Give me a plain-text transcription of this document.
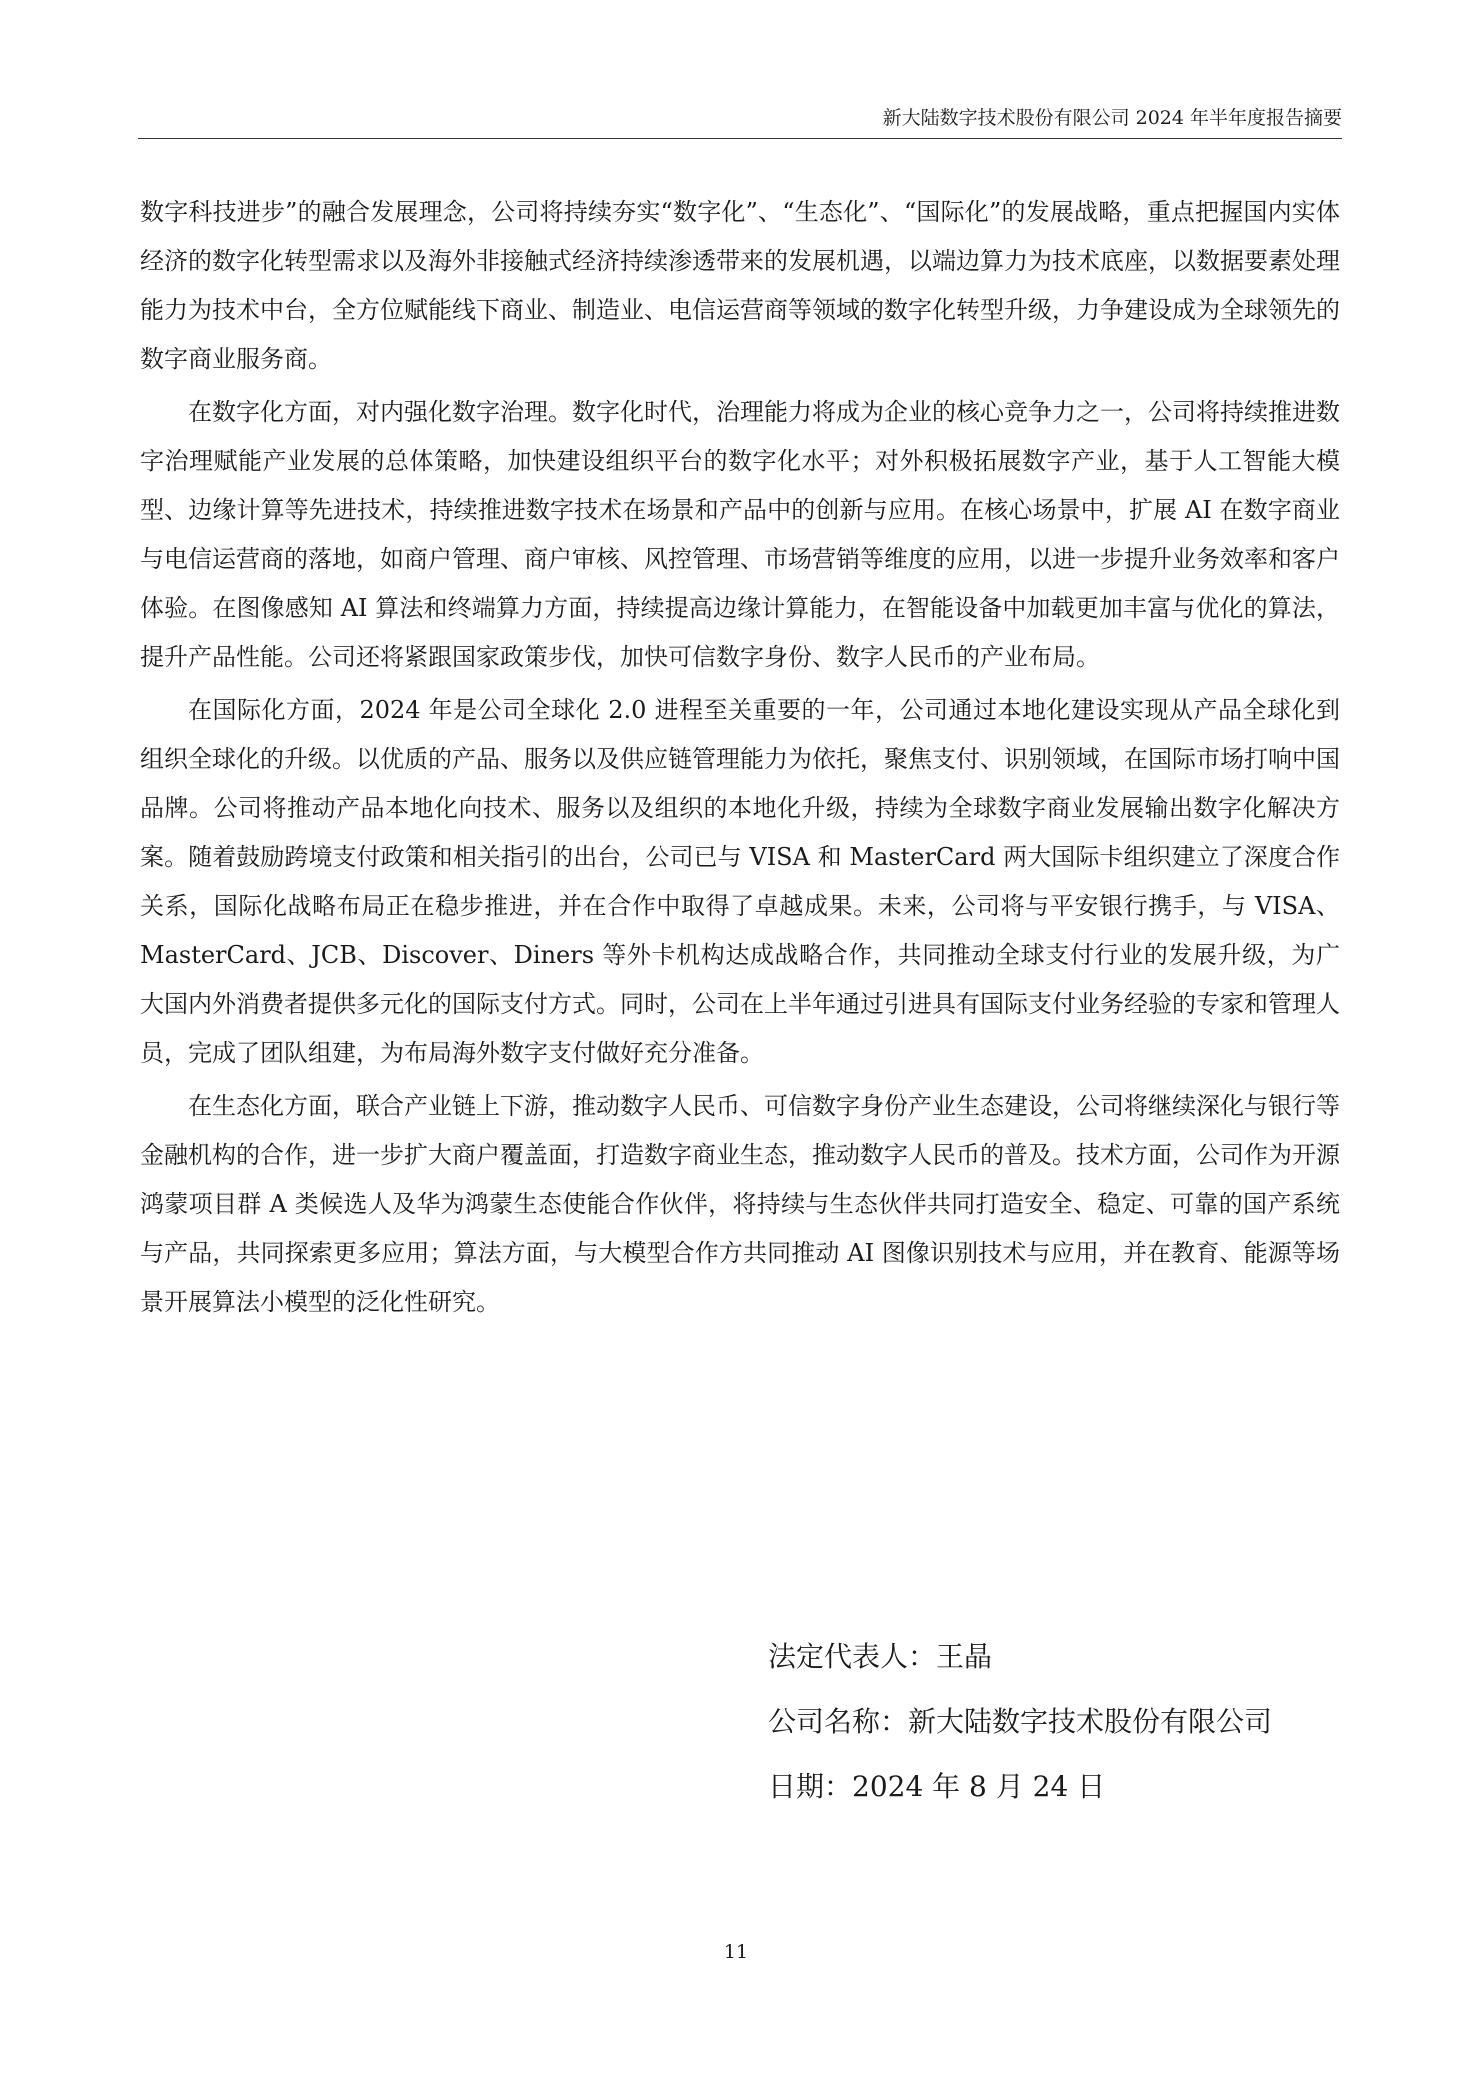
新大陆数字技术股份有限公司 2024 年半年度报告摘要

数字科技进步”的融合发展理念，公司将持续夯实“数字化”、“生态化”、“国际化”的发展战略，重点把握国内实体经济的数字化转型需求以及海外非接触式经济持续渗透带来的发展机遇，以端边算力为技术底座，以数据要素处理能力为技术中台，全方位赋能线下商业、制造业、电信运营商等领域的数字化转型升级，力争建设成为全球领先的数字商业服务商。

在数字化方面，对内强化数字治理。数字化时代，治理能力将成为企业的核心竞争力之一，公司将持续推进数字治理赋能产业发展的总体策略，加快建设组织平台的数字化水平；对外积极拓展数字产业，基于人工智能大模型、边缘计算等先进技术，持续推进数字技术在场景和产品中的创新与应用。在核心场景中，扩展 AI 在数字商业与电信运营商的落地，如商户管理、商户审核、风控管理、市场营销等维度的应用，以进一步提升业务效率和客户体验。在图像感知 AI 算法和终端算力方面，持续提高边缘计算能力，在智能设备中加载更加丰富与优化的算法，提升产品性能。公司还将紧跟国家政策步伐，加快可信数字身份、数字人民币的产业布局。

在国际化方面，2024 年是公司全球化 2.0 进程至关重要的一年，公司通过本地化建设实现从产品全球化到组织全球化的升级。以优质的产品、服务以及供应链管理能力为依托，聚焦支付、识别领域，在国际市场打响中国品牌。公司将推动产品本地化向技术、服务以及组织的本地化升级，持续为全球数字商业发展输出数字化解决方案。随着鼓励跨境支付政策和相关指引的出台，公司已与 VISA 和 MasterCard 两大国际卡组织建立了深度合作关系，国际化战略布局正在稳步推进，并在合作中取得了卓越成果。未来，公司将与平安银行携手，与 VISA、MasterCard、JCB、Discover、Diners 等外卡机构达成战略合作，共同推动全球支付行业的发展升级，为广大国内外消费者提供多元化的国际支付方式。同时，公司在上半年通过引进具有国际支付业务经验的专家和管理人员，完成了团队组建，为布局海外数字支付做好充分准备。

在生态化方面，联合产业链上下游，推动数字人民币、可信数字身份产业生态建设，公司将继续深化与银行等金融机构的合作，进一步扩大商户覆盖面，打造数字商业生态，推动数字人民币的普及。技术方面，公司作为开源鸿蒙项目群 A 类候选人及华为鸿蒙生态使能合作伙伴，将持续与生态伙伴共同打造安全、稳定、可靠的国产系统与产品，共同探索更多应用；算法方面，与大模型合作方共同推动 AI 图像识别技术与应用，并在教育、能源等场景开展算法小模型的泛化性研究。

法定代表人：王晶
公司名称：新大陆数字技术股份有限公司
日期：2024 年 8 月 24 日
11
